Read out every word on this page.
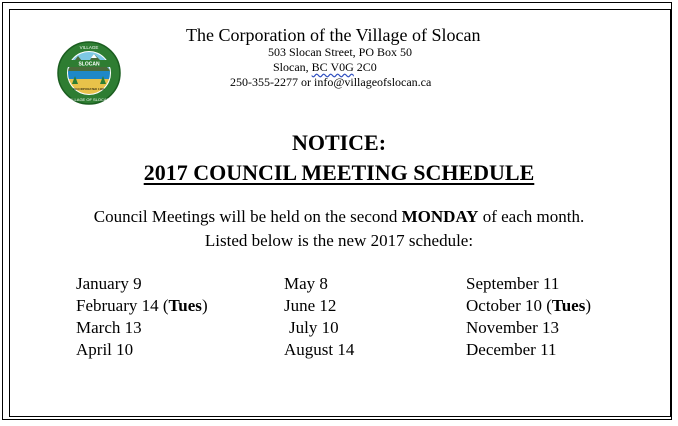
SLOCAN
VILLAGE
INCORPORATED 1901
VILLAGE OF SLOCAN
The Corporation of the Village of Slocan
503 Slocan Street, PO Box 50
Slocan, BC V0G 2C0
250-355-2277 or info@villageofslocan.ca
NOTICE:
2017 COUNCIL MEETING SCHEDULE
Council Meetings will be held on the second MONDAY of each month.
Listed below is the new 2017 schedule:
January 9
February 14 (Tues)
March 13
April 10
May 8
June 12
July 10
August 14
September 11
October 10 (Tues)
November 13
December 11
